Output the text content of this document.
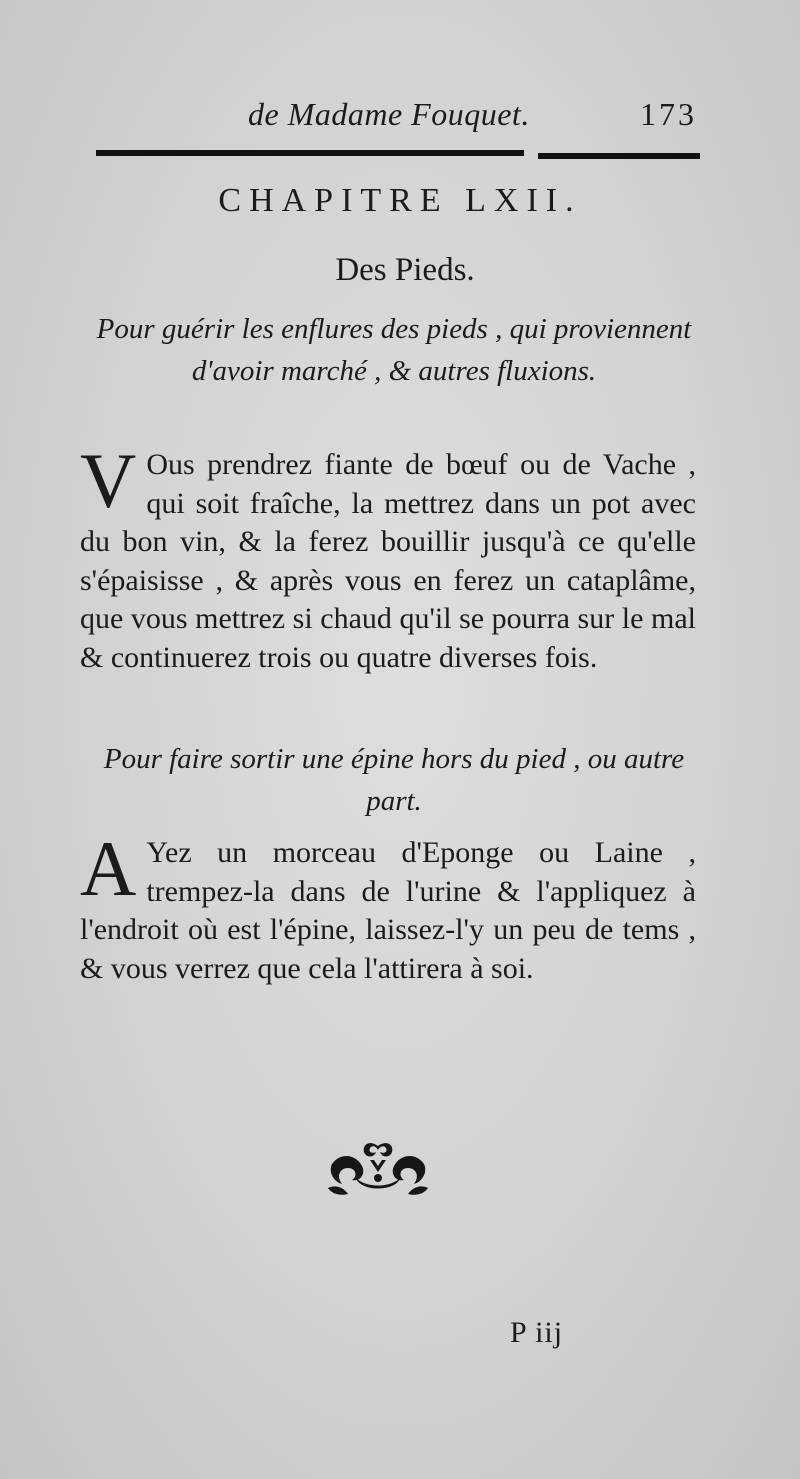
de Madame Fouquet.	173
CHAPITRE LXII.
Des Pieds.
Pour guérir les enflures des pieds , qui proviennent d'avoir marché , & autres fluxions.
V Ous prendrez fiante de bœuf ou de Vache , qui soit fraîche, la mettrez dans un pot avec du bon vin, & la ferez bouillir jusqu'à ce qu'elle s'épaisisse , & après vous en ferez un cataplâme, que vous mettrez si chaud qu'il se pourra sur le mal & continuerez trois ou quatre diverses fois.
Pour faire sortir une épine hors du pied , ou autre part.
A Yez un morceau d'Eponge ou Laine , trempez-la dans de l'urine & l'appliquez à l'endroit où est l'épine, laissez-l'y un peu de tems , & vous verrez que cela l'attirera à soi.
P iij
